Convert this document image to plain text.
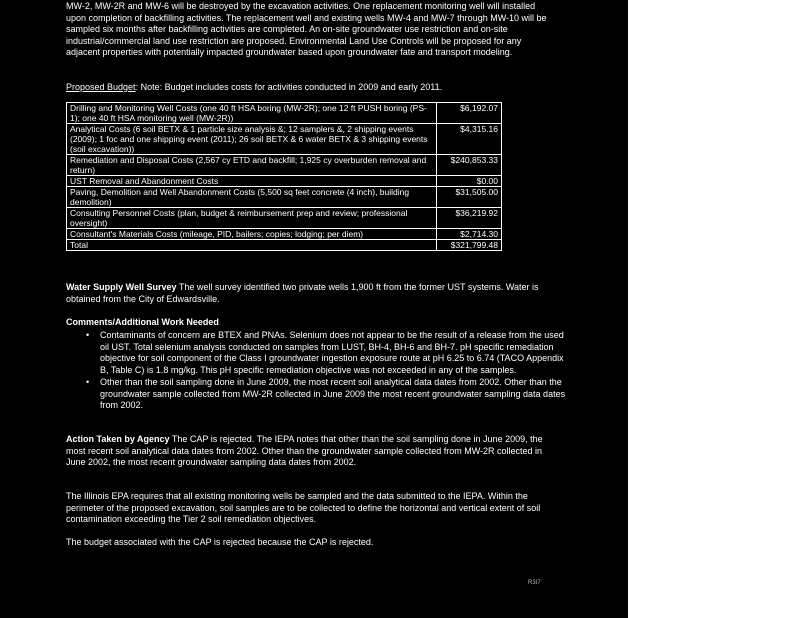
MW-2, MW-2R and MW-6 will be destroyed by the excavation activities. One replacement monitoring well will installed upon completion of backfilling activities. The replacement well and existing wells MW-4 and MW-7 through MW-10 will be sampled six months after backfilling activities are completed. An on-site groundwater use restriction and on-site industrial/commercial land use restriction are proposed. Environmental Land Use Controls will be proposed for any adjacent properties with potentially impacted groundwater based upon groundwater fate and transport modeling.
Proposed Budget: Note: Budget includes costs for activities conducted in 2009 and early 2011.
Drilling and Monitoring Well Costs (one 40 ft HSA boring (MW-2R); one 12 ft PUSH boring (PS-1); one 40 ft HSA monitoring well (MW-2R))	$6,192.07
Analytical Costs (6 soil BETX & 1 particle size analysis &; 12 samplers &, 2 shipping events (2009); 1 foc and one shipping event (2011); 26 soil BETX & 6 water BETX & 3 shipping events (soil excavation))	$4,315.16
Remediation and Disposal Costs (2,567 cy ETD and backfill; 1,925 cy overburden removal and return)	$240,853.33
UST Removal and Abandonment Costs	$0.00
Paving, Demolition and Well Abandonment Costs (5,500 sq feet concrete (4 inch), building demolition)	$31,505.00
Consulting Personnel Costs (plan, budget & reimbursement prep and review; professional oversight)	$36,219.92
Consultant's Materials Costs (mileage, PID, bailers; copies; lodging; per diem)	$2,714.30
Total	$321,799.48
Water Supply Well Survey The well survey identified two private wells 1,900 ft from the former UST systems. Water is obtained from the City of Edwardsville.
Comments/Additional Work Needed
• Contaminants of concern are BTEX and PNAs. Selenium does not appear to be the result of a release from the used oil UST. Total selenium analysis conducted on samples from LUST, BH-4, BH-6 and BH-7. pH specific remediation objective for soil component of the Class I groundwater ingestion exposure route at pH 6.25 to 6.74 (TACO Appendix B, Table C) is 1.8 mg/kg. This pH specific remediation objective was not exceeded in any of the samples.
• Other than the soil sampling done in June 2009, the most recent soil analytical data dates from 2002. Other than the groundwater sample collected from MW-2R collected in June 2009 the most recent groundwater sampling data dates from 2002.
Action Taken by Agency The CAP is rejected. The IEPA notes that other than the soil sampling done in June 2009, the most recent soil analytical data dates from 2002. Other than the groundwater sample collected from MW-2R collected in June 2002, the most recent groundwater sampling data dates from 2002.
The Illinois EPA requires that all existing monitoring wells be sampled and the data submitted to the IEPA. Within the perimeter of the proposed excavation, soil samples are to be collected to define the horizontal and vertical extent of soil contamination exceeding the Tier 2 soil remediation objectives.
The budget associated with the CAP is rejected because the CAP is rejected.
R3I7
